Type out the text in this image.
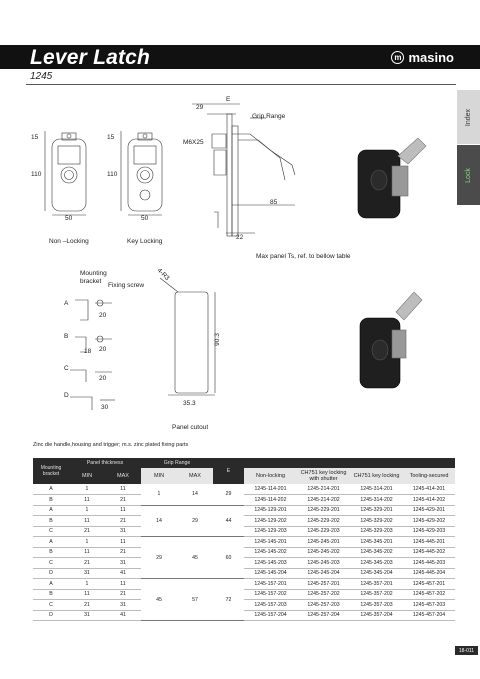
Lever Latch	m masino
1245
Index
Lock
E
29
Grip Range
M6X25
15	15
110	110
50	50
85
22
Non –Locking	Key Locking
Max panel Ts, ref. to bellow table
Mounting bracket
Fixing screw
A
20
B
18 20
C
20
D
30
4-R3
90.3
35.3
Panel cutout
Zinc die handle,housing and trigger; m.s. zinc plated fixing parts
Mounting bracket	Panel thickness		Grip Range		E				
	MIN	MAX	MIN	MAX		Non-locking	CH751 key locking with shutter	CH751 key locking	Tooling-secured
A	1	11	1	14	29	1245-114-201	1245-214-201	1245-314-201	1245-414-201
B	11	21				1245-114-202	1245-214-202	1245-314-202	1245-414-202
A	1	11	14	29	44	1245-129-201	1245-229-201	1245-329-201	1245-429-201
B	11	21				1245-129-202	1245-229-202	1245-329-202	1245-429-202
C	21	31				1245-129-203	1245-229-203	1245-329-203	1245-429-203
A	1	11	29	45	60	1245-145-201	1245-245-201	1245-345-201	1245-445-201
B	11	21				1245-145-202	1245-245-202	1245-345-202	1245-445-202
C	21	31				1245-145-203	1245-245-203	1245-345-203	1245-445-203
D	31	41				1245-145-204	1245-245-204	1245-345-204	1245-445-204
A	1	11	45	57	72	1245-157-201	1245-257-201	1245-357-201	1245-457-201
B	11	21				1245-157-202	1245-257-202	1245-357-202	1245-457-202
C	21	31				1245-157-203	1245-257-203	1245-357-203	1245-457-203
D	31	41				1245-157-204	1245-257-204	1245-357-204	1245-457-204
18-011
